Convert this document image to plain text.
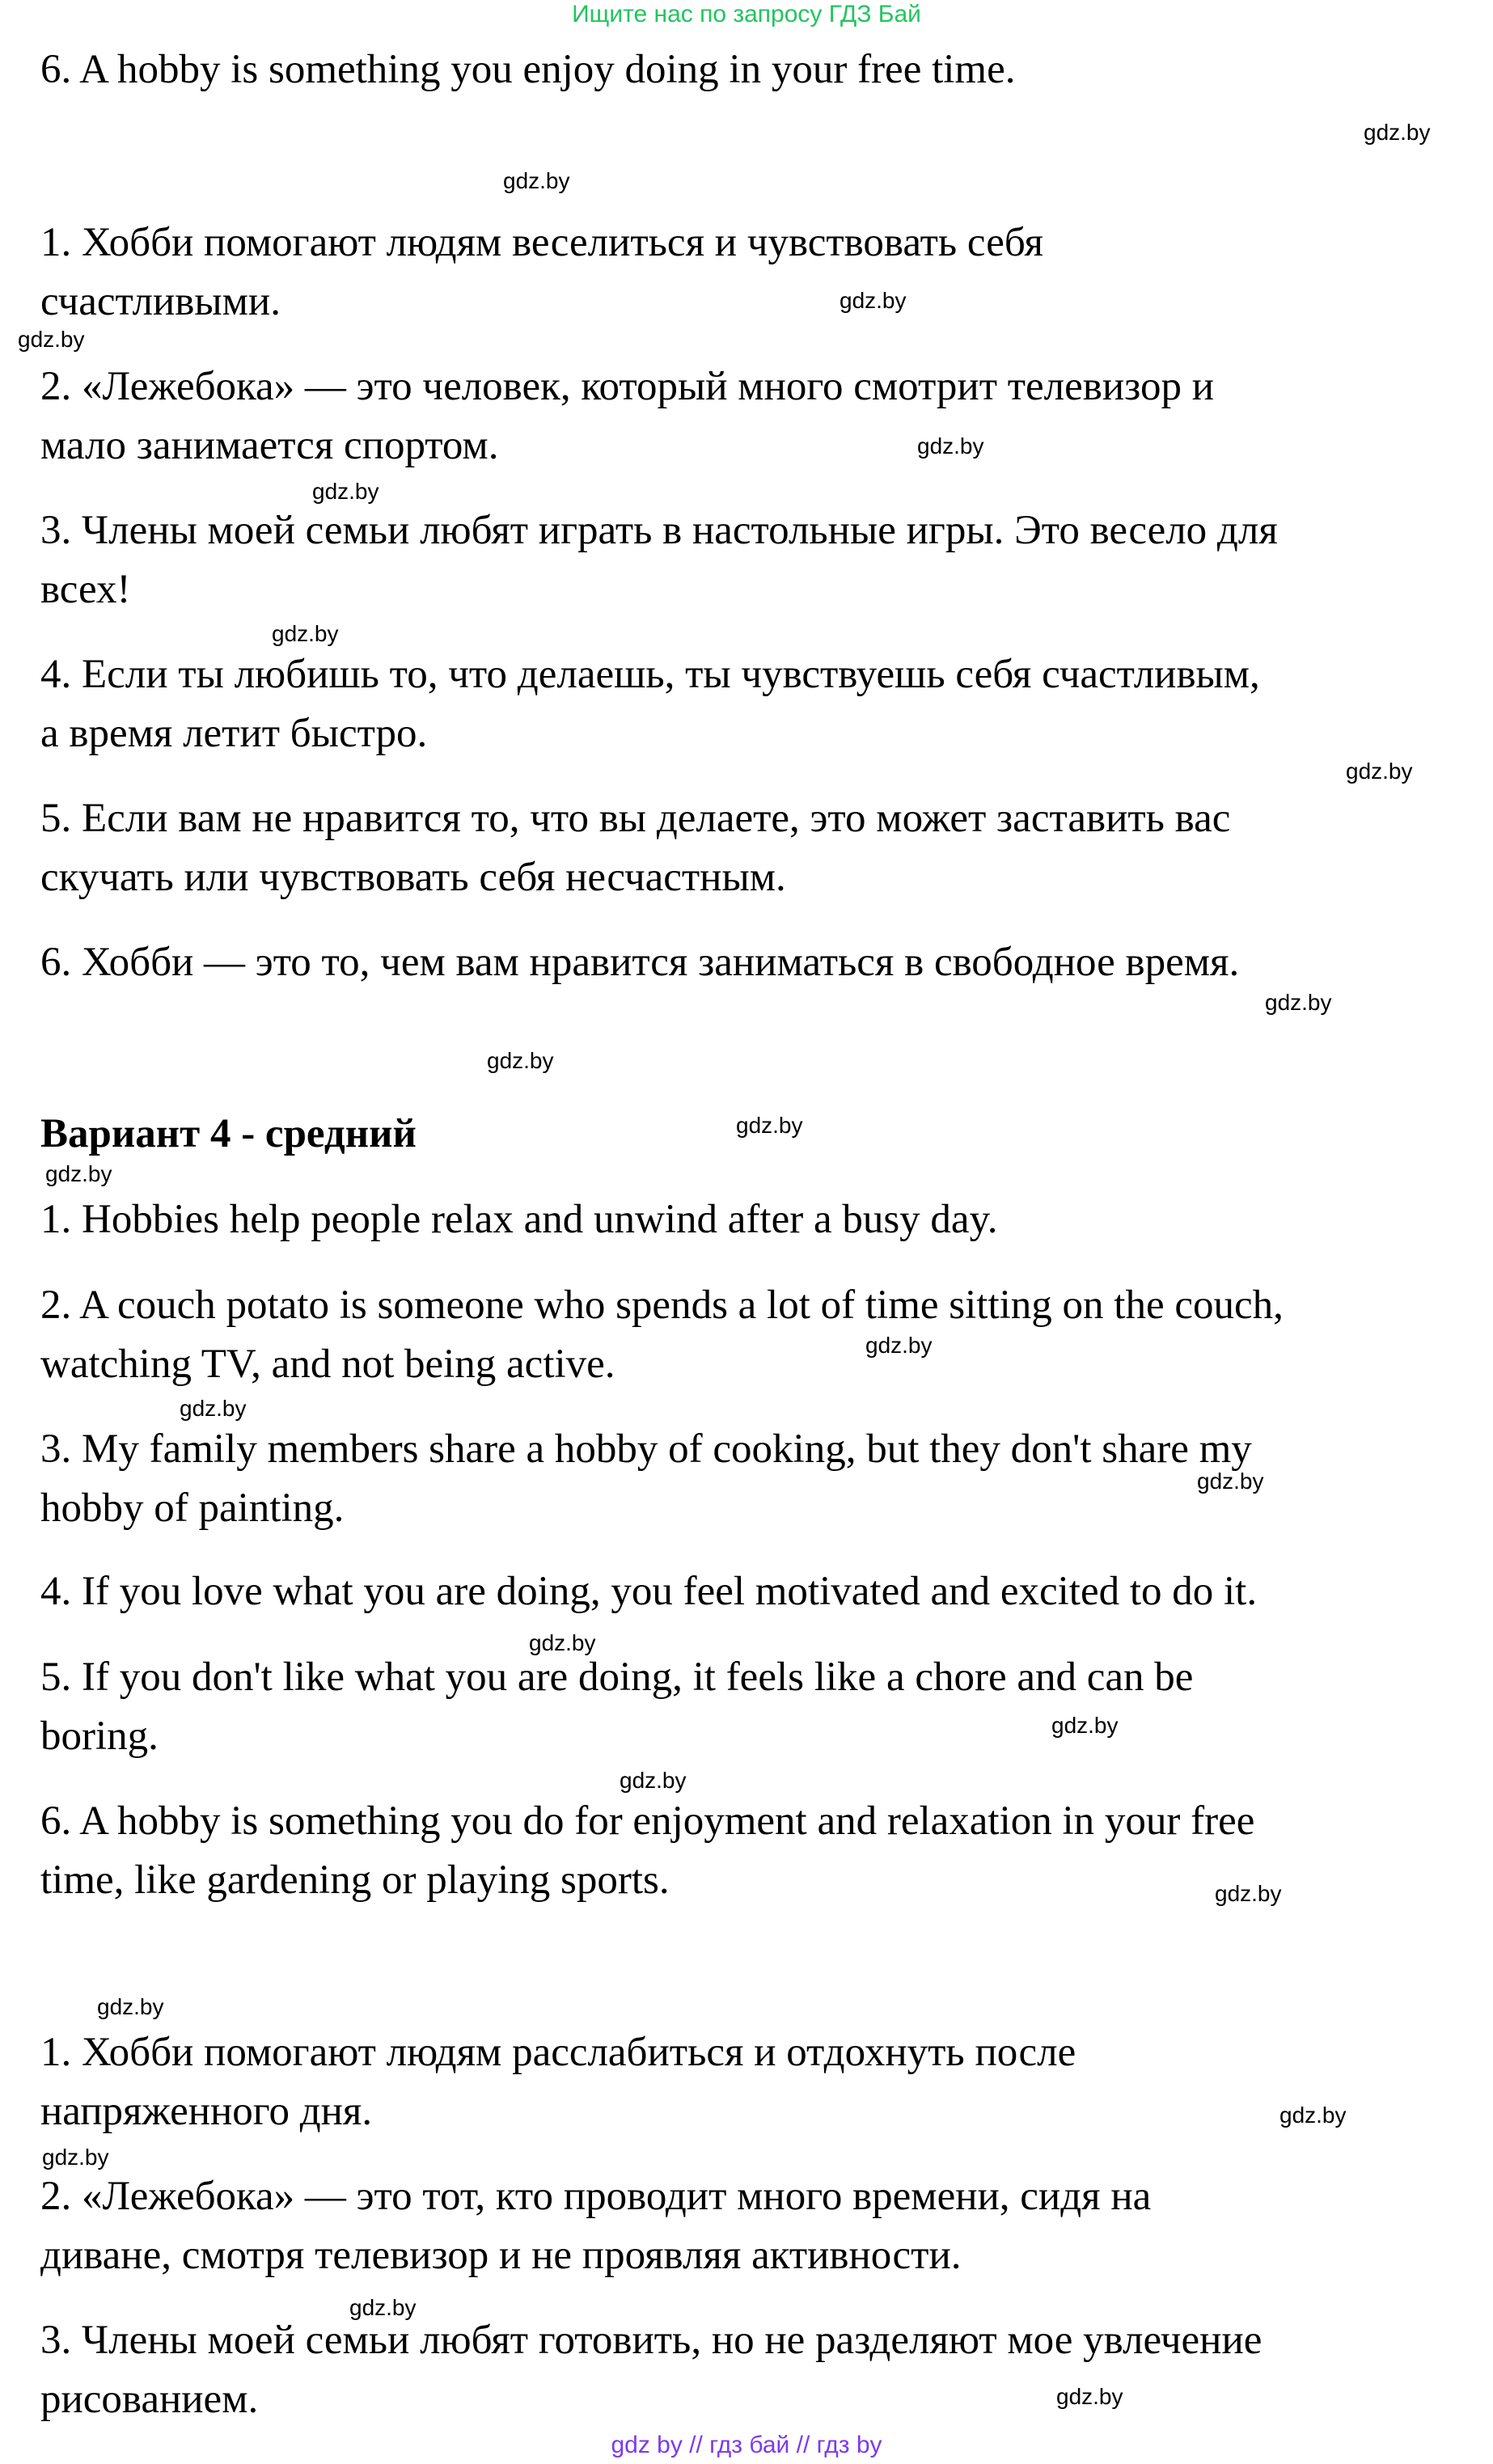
Ищите нас по запросу ГДЗ Бай
6. A hobby is something you enjoy doing in your free time.
1. Хобби помогают людям веселиться и чувствовать себя
счастливыми.
2. «Лежебока» — это человек, который много смотрит телевизор и
мало занимается спортом.
3. Члены моей семьи любят играть в настольные игры. Это весело для
всех!
4. Если ты любишь то, что делаешь, ты чувствуешь себя счастливым,
а время летит быстро.
5. Если вам не нравится то, что вы делаете, это может заставить вас
скучать или чувствовать себя несчастным.
6. Хобби — это то, чем вам нравится заниматься в свободное время.
Вариант 4 - средний
1. Hobbies help people relax and unwind after a busy day.
2. A couch potato is someone who spends a lot of time sitting on the couch,
watching TV, and not being active.
3. My family members share a hobby of cooking, but they don't share my
hobby of painting.
4. If you love what you are doing, you feel motivated and excited to do it.
5. If you don't like what you are doing, it feels like a chore and can be
boring.
6. A hobby is something you do for enjoyment and relaxation in your free
time, like gardening or playing sports.
1. Хобби помогают людям расслабиться и отдохнуть после
напряженного дня.
2. «Лежебока» — это тот, кто проводит много времени, сидя на
диване, смотря телевизор и не проявляя активности.
3. Члены моей семьи любят готовить, но не разделяют мое увлечение
рисованием.
gdz.by
gdz.by
gdz.by
gdz.by
gdz.by
gdz.by
gdz.by
gdz.by
gdz.by
gdz.by
gdz.by
gdz.by
gdz.by
gdz.by
gdz.by
gdz.by
gdz.by
gdz.by
gdz.by
gdz.by
gdz.by
gdz.by
gdz.by
gdz.by
gdz by // гдз бай // гдз by
